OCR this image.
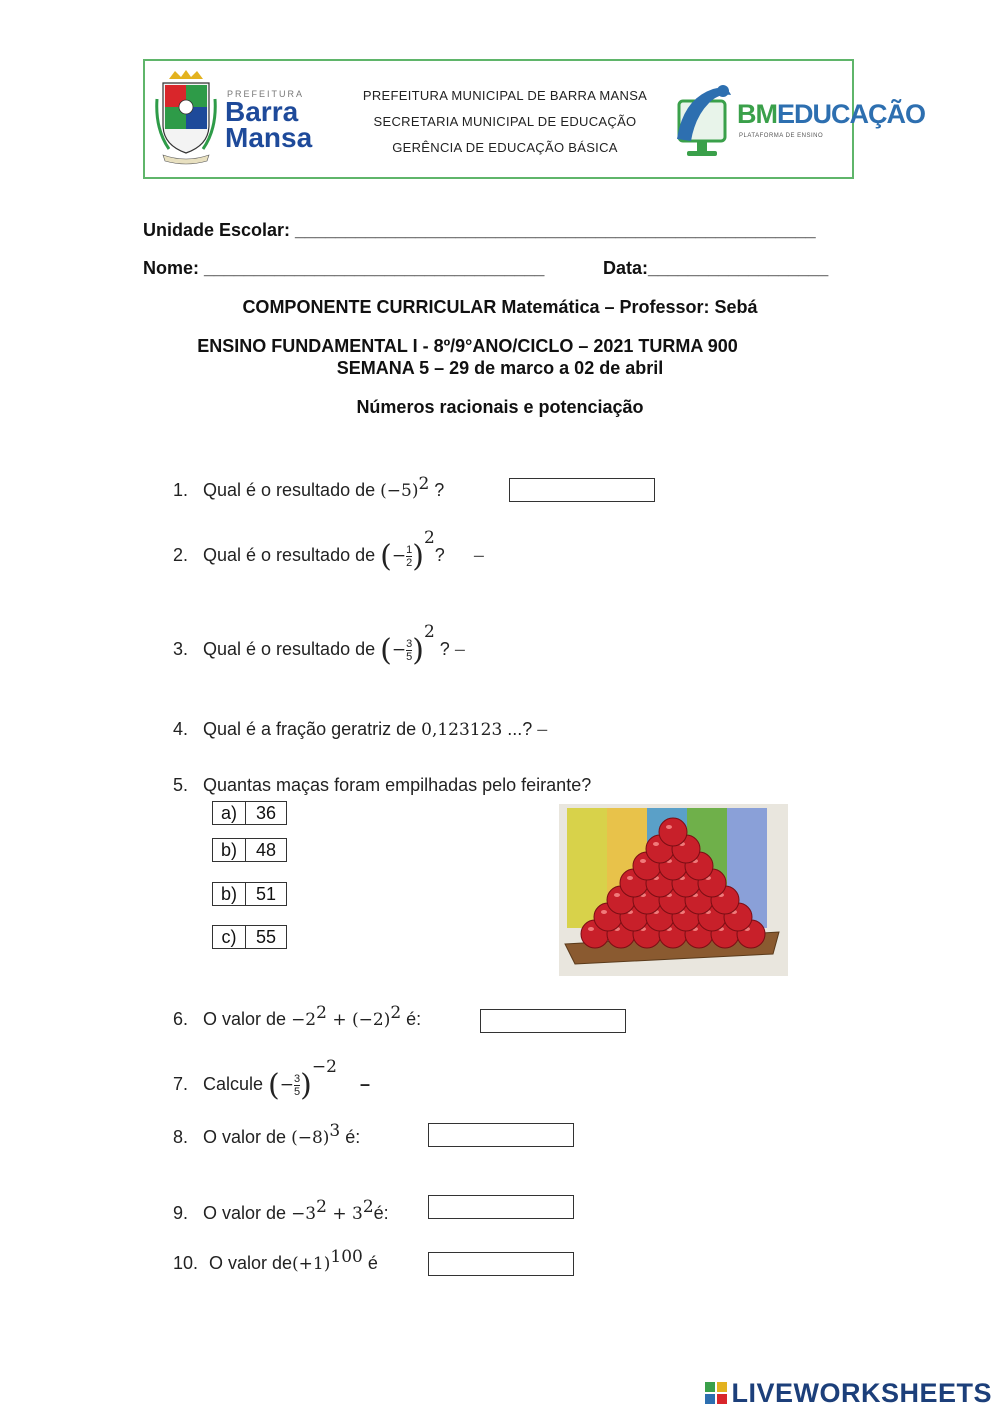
PREFEITURA
Barra
Mansa
PREFEITURA MUNICIPAL DE BARRA MANSA
SECRETARIA MUNICIPAL DE EDUCAÇÃO
GERÊNCIA DE EDUCAÇÃO BÁSICA
BMEDUCAÇÃO
PLATAFORMA DE ENSINO
Unidade Escolar: ____________________________________________________
Nome: __________________________________	Data:__________________
COMPONENTE CURRICULAR Matemática – Professor: Sebá
ENSINO FUNDAMENTAL I - 8º/9°ANO/CICLO – 2021 TURMA 900
SEMANA 5 – 29 de marco a 02 de abril
Números racionais e potenciação
1. Qual é o resultado de $(-5)^2$ ?
2. Qual é o resultado de (− $\frac{1}{2} )^2$? –
3. Qual é o resultado de (− $\frac{3}{5} )^2$ ? –
4. Qual é a fração geratriz de 0,123123 ...? –
5. Quantas maças foram empilhadas pelo feirante?
a)	36
b)	48
b)	51
c)	55
6. O valor de $-2^2 + (-2)^2$ é:
7. Calcule (− $\frac{3}{5} )^{-2}$ –
8. O valor de $(-8)^3$ é:
9. O valor de $-3^2$ + $3^2é$:
10. O valor $de(+1)^{100}$ é
LIVEWORKSHEETS
